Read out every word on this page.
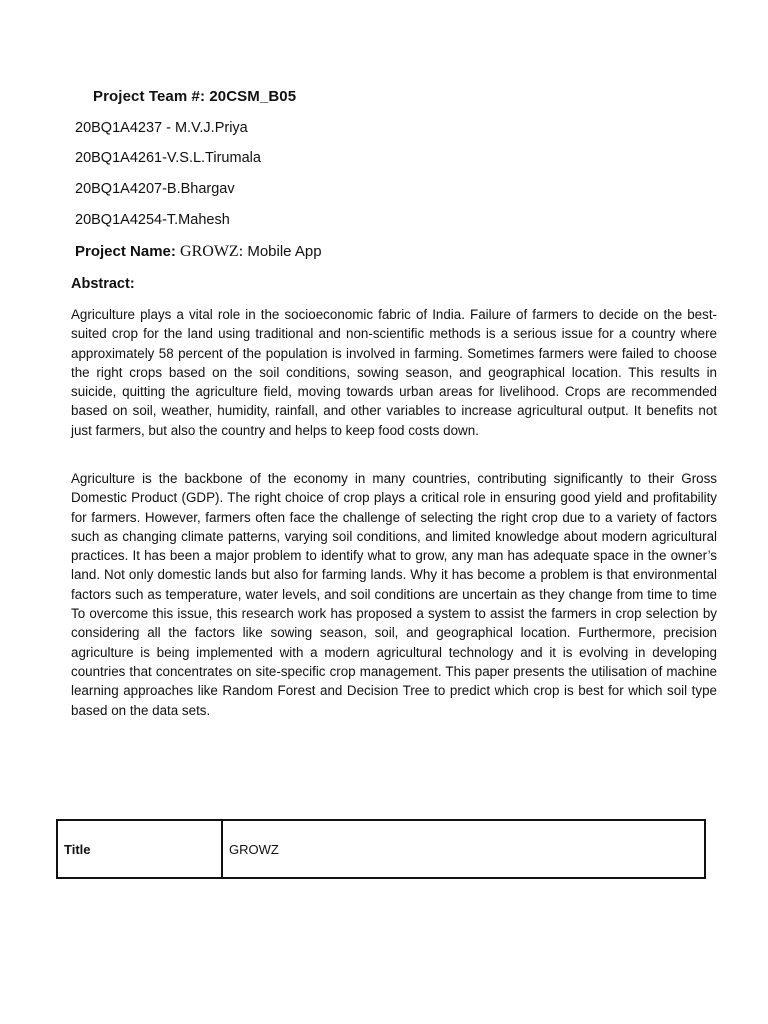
Project Team #: 20CSM_B05
20BQ1A4237 - M.V.J.Priya
20BQ1A4261-V.S.L.Tirumala
20BQ1A4207-B.Bhargav
20BQ1A4254-T.Mahesh
Project Name: GROWZ: Mobile App
Abstract:

Agriculture plays a vital role in the socioeconomic fabric of India. Failure of farmers to decide on the best-suited crop for the land using traditional and non-scientific methods is a serious issue for a country where approximately 58 percent of the population is involved in farming. Sometimes farmers were failed to choose the right crops based on the soil conditions, sowing season, and geographical location. This results in suicide, quitting the agriculture field, moving towards urban areas for livelihood. Crops are recommended based on soil, weather, humidity, rainfall, and other variables to increase agricultural output. It benefits not just farmers, but also the country and helps to keep food costs down.

Agriculture is the backbone of the economy in many countries, contributing significantly to their Gross Domestic Product (GDP). The right choice of crop plays a critical role in ensuring good yield and profitability for farmers. However, farmers often face the challenge of selecting the right crop due to a variety of factors such as changing climate patterns, varying soil conditions, and limited knowledge about modern agricultural practices. It has been a major problem to identify what to grow, any man has adequate space in the owner’s land. Not only domestic lands but also for farming lands. Why it has become a problem is that environmental factors such as temperature, water levels, and soil conditions are uncertain as they change from time to time To overcome this issue, this research work has proposed a system to assist the farmers in crop selection by considering all the factors like sowing season, soil, and geographical location. Furthermore, precision agriculture is being implemented with a modern agricultural technology and it is evolving in developing countries that concentrates on site-specific crop management. This paper presents the utilisation of machine learning approaches like Random Forest and Decision Tree to predict which crop is best for which soil type based on the data sets.

Title	GROWZ
